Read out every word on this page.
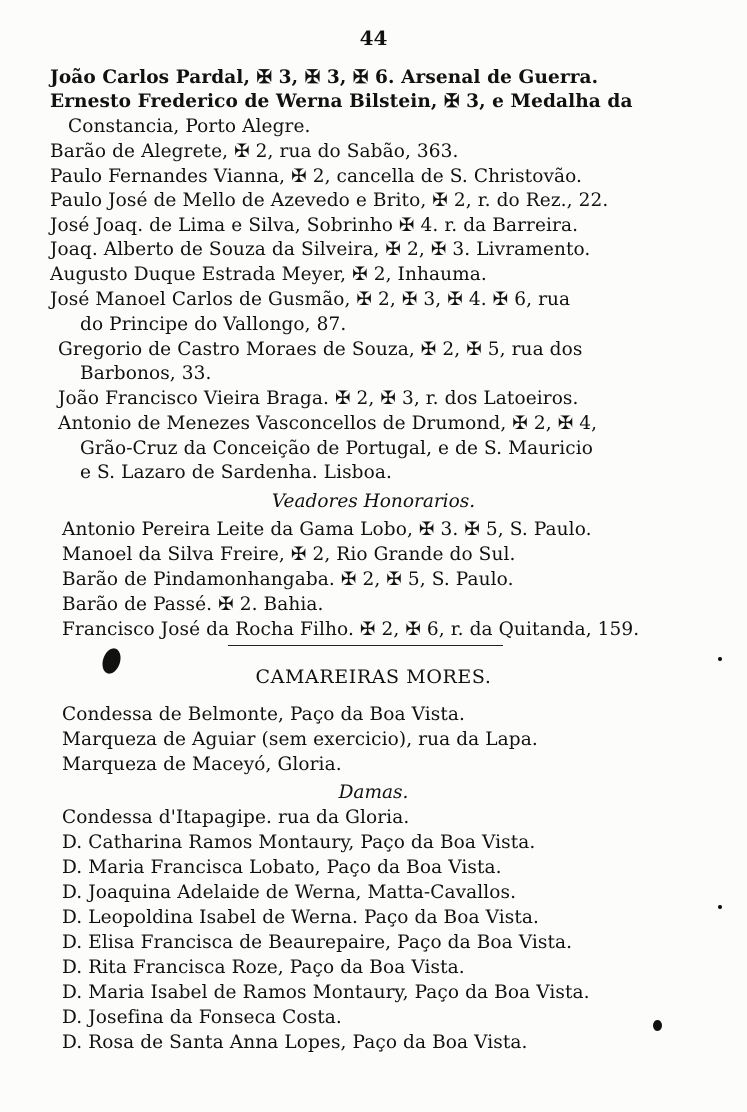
44
João Carlos Pardal, ✠ 3, ✠ 3, ✠ 6. Arsenal de Guerra.
Ernesto Frederico de Werna Bilstein, ✠ 3, e Medalha da
Constancia, Porto Alegre.
Barão de Alegrete, ✠ 2, rua do Sabão, 363.
Paulo Fernandes Vianna, ✠ 2, cancella de S. Christovão.
Paulo José de Mello de Azevedo e Brito, ✠ 2, r. do Rez., 22.
José Joaq. de Lima e Silva, Sobrinho ✠ 4. r. da Barreira.
Joaq. Alberto de Souza da Silveira, ✠ 2, ✠ 3. Livramento.
Augusto Duque Estrada Meyer, ✠ 2, Inhauma.
José Manoel Carlos de Gusmão, ✠ 2, ✠ 3, ✠ 4. ✠ 6, rua
do Principe do Vallongo, 87.
Gregorio de Castro Moraes de Souza, ✠ 2, ✠ 5, rua dos
Barbonos, 33.
João Francisco Vieira Braga. ✠ 2, ✠ 3, r. dos Latoeiros.
Antonio de Menezes Vasconcellos de Drumond, ✠ 2, ✠ 4,
Grão-Cruz da Conceição de Portugal, e de S. Mauricio
e S. Lazaro de Sardenha. Lisboa.
Veadores Honorarios.
Antonio Pereira Leite da Gama Lobo, ✠ 3. ✠ 5, S. Paulo.
Manoel da Silva Freire, ✠ 2, Rio Grande do Sul.
Barão de Pindamonhangaba. ✠ 2, ✠ 5, S. Paulo.
Barão de Passé. ✠ 2. Bahia.
Francisco José da Rocha Filho. ✠ 2, ✠ 6, r. da Quitanda, 159.
CAMAREIRAS MORES.
Condessa de Belmonte, Paço da Boa Vista.
Marqueza de Aguiar (sem exercicio), rua da Lapa.
Marqueza de Maceyó, Gloria.
Damas.
Condessa d'Itapagipe. rua da Gloria.
D. Catharina Ramos Montaury, Paço da Boa Vista.
D. Maria Francisca Lobato, Paço da Boa Vista.
D. Joaquina Adelaide de Werna, Matta-Cavallos.
D. Leopoldina Isabel de Werna. Paço da Boa Vista.
D. Elisa Francisca de Beaurepaire, Paço da Boa Vista.
D. Rita Francisca Roze, Paço da Boa Vista.
D. Maria Isabel de Ramos Montaury, Paço da Boa Vista.
D. Josefina da Fonseca Costa.
D. Rosa de Santa Anna Lopes, Paço da Boa Vista.
